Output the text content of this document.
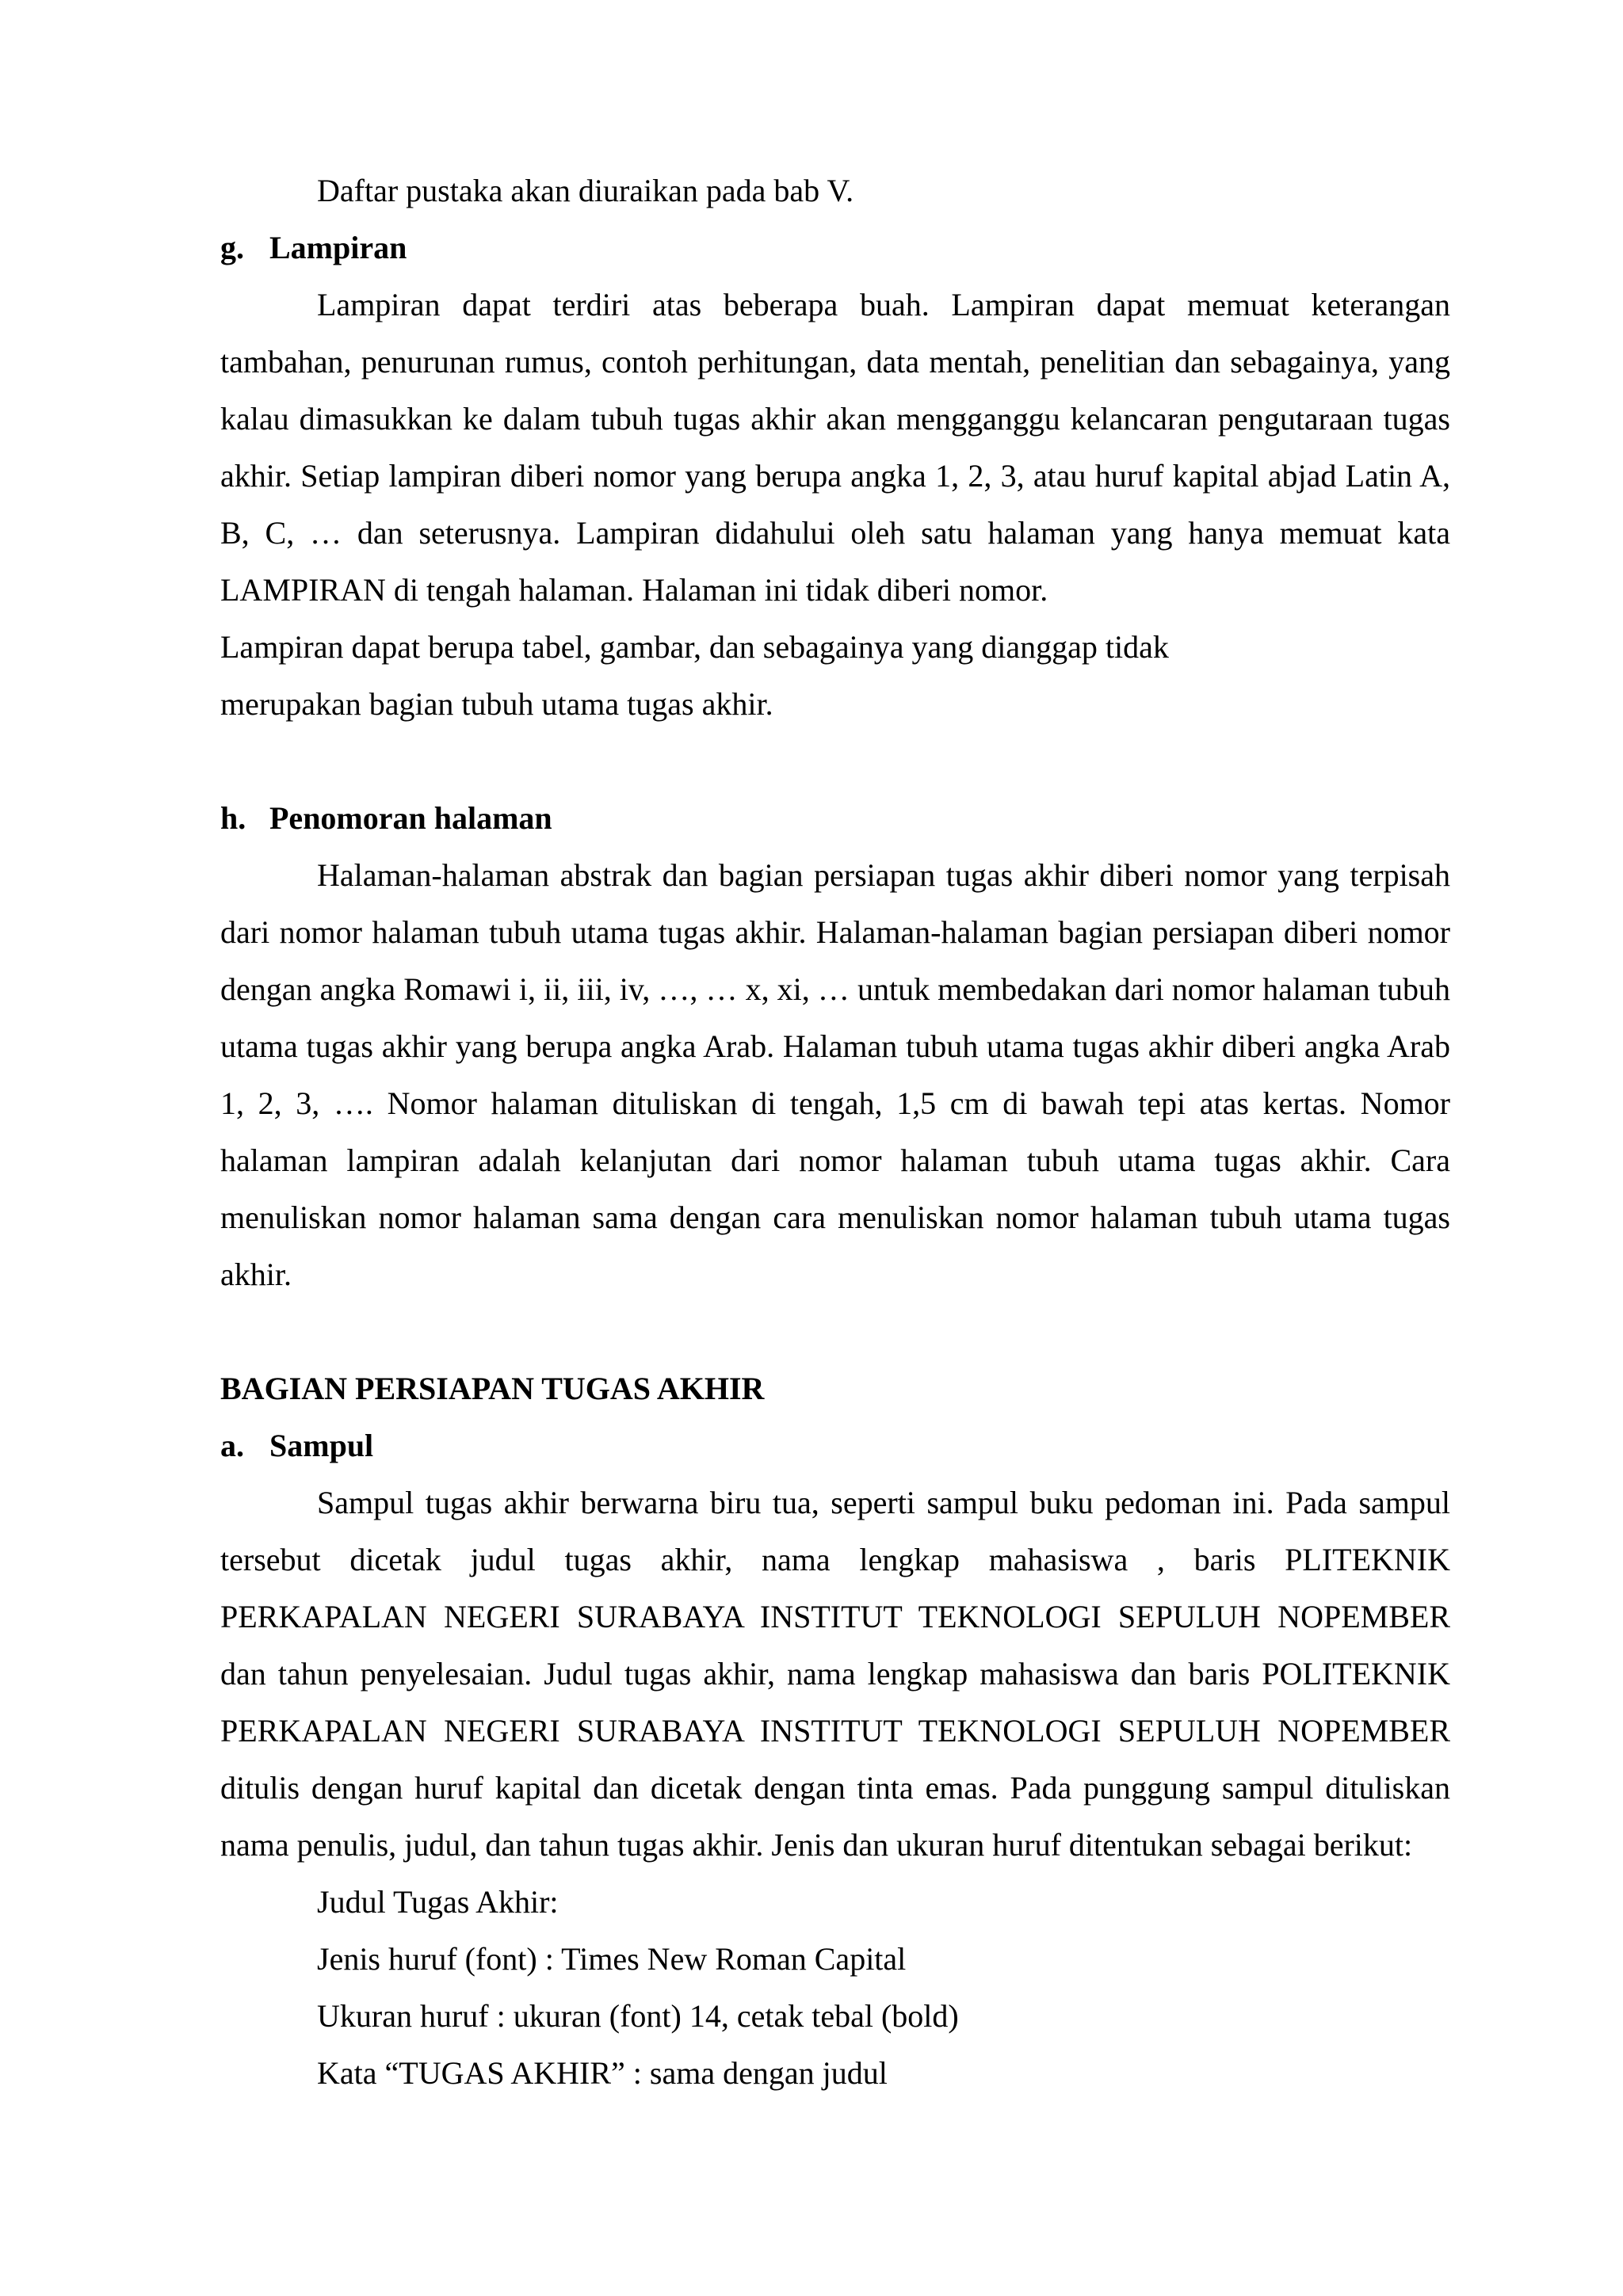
Daftar pustaka akan diuraikan pada bab V.

g. Lampiran

Lampiran dapat terdiri atas beberapa buah. Lampiran dapat memuat keterangan tambahan, penurunan rumus, contoh perhitungan, data mentah, penelitian dan sebagainya, yang kalau dimasukkan ke dalam tubuh tugas akhir akan mengganggu kelancaran pengutaraan tugas akhir. Setiap lampiran diberi nomor yang berupa angka 1, 2, 3, atau huruf kapital abjad Latin A, B, C, … dan seterusnya. Lampiran didahului oleh satu halaman yang hanya memuat kata LAMPIRAN di tengah halaman. Halaman ini tidak diberi nomor.

Lampiran dapat berupa tabel, gambar, dan sebagainya yang dianggap tidak
merupakan bagian tubuh utama tugas akhir.
h. Penomoran halaman

Halaman-halaman abstrak dan bagian persiapan tugas akhir diberi nomor yang terpisah dari nomor halaman tubuh utama tugas akhir. Halaman-halaman bagian persiapan diberi nomor dengan angka Romawi i, ii, iii, iv, …, … x, xi, … untuk membedakan dari nomor halaman tubuh utama tugas akhir yang berupa angka Arab. Halaman tubuh utama tugas akhir diberi angka Arab 1, 2, 3, …. Nomor halaman dituliskan di tengah, 1,5 cm di bawah tepi atas kertas. Nomor halaman lampiran adalah kelanjutan dari nomor halaman tubuh utama tugas akhir. Cara menuliskan nomor halaman sama dengan cara menuliskan nomor halaman tubuh utama tugas akhir.

BAGIAN PERSIAPAN TUGAS AKHIR
a. Sampul

Sampul tugas akhir berwarna biru tua, seperti sampul buku pedoman ini. Pada sampul tersebut dicetak judul tugas akhir, nama lengkap mahasiswa , baris PLITEKNIK PERKAPALAN NEGERI SURABAYA INSTITUT TEKNOLOGI SEPULUH NOPEMBER dan tahun penyelesaian. Judul tugas akhir, nama lengkap mahasiswa dan baris POLITEKNIK PERKAPALAN NEGERI SURABAYA INSTITUT TEKNOLOGI SEPULUH NOPEMBER ditulis dengan huruf kapital dan dicetak dengan tinta emas. Pada punggung sampul dituliskan nama penulis, judul, dan tahun tugas akhir. Jenis dan ukuran huruf ditentukan sebagai berikut:

Judul Tugas Akhir:
Jenis huruf (font) : Times New Roman Capital
Ukuran huruf : ukuran (font) 14, cetak tebal (bold)
Kata “TUGAS AKHIR” : sama dengan judul
